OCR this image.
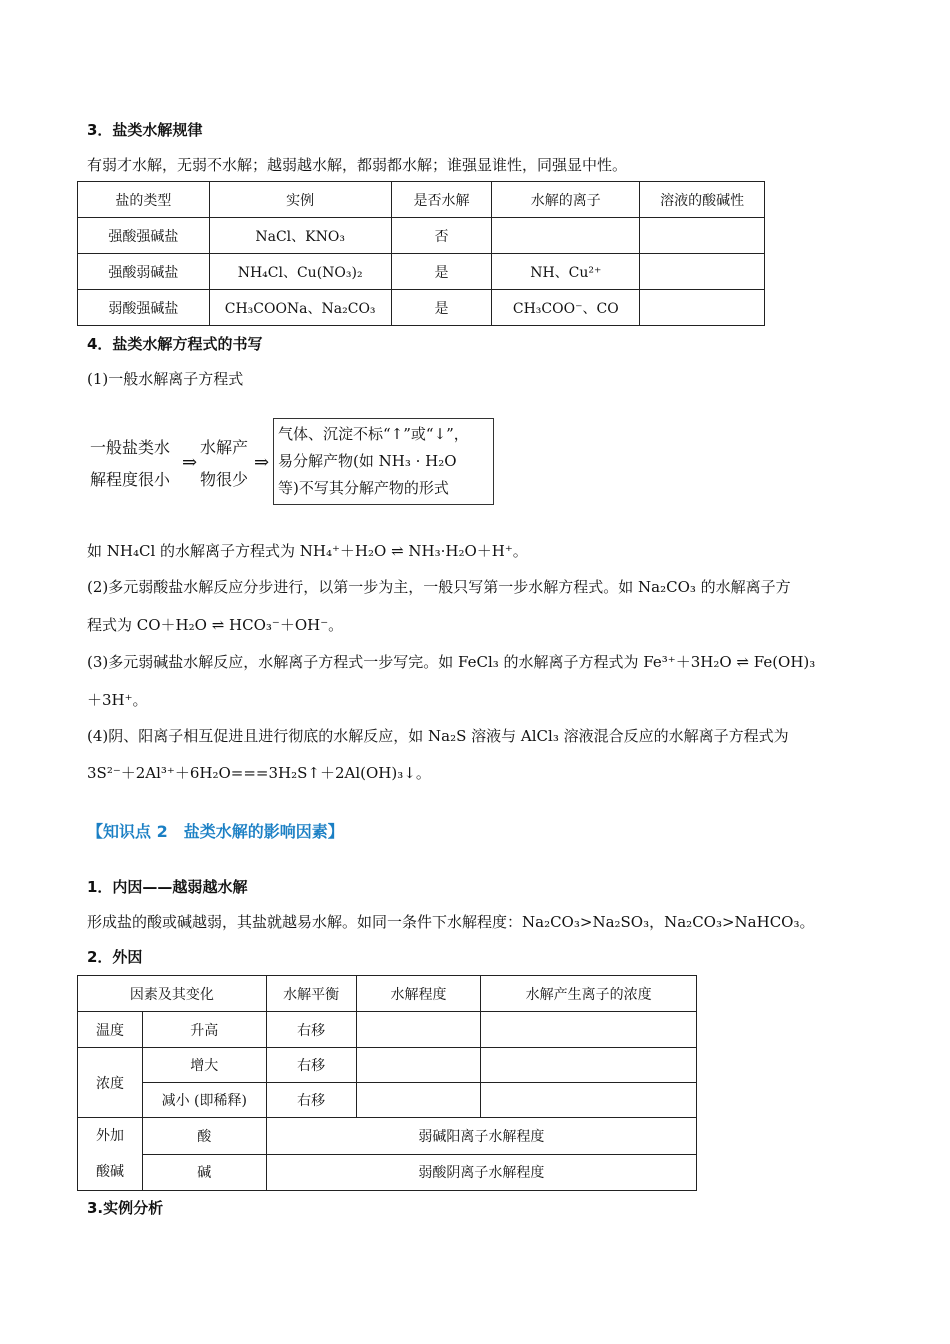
3．盐类水解规律
有弱才水解，无弱不水解；越弱越水解，都弱都水解；谁强显谁性，同强显中性。
盐的类型	实例	是否水解	水解的离子	溶液的酸碱性
强酸强碱盐	NaCl、KNO₃	否		
强酸弱碱盐	NH₄Cl、Cu(NO₃)₂	是	NH、Cu²⁺	
弱酸强碱盐	CH₃COONa、Na₂CO₃	是	CH₃COO⁻、CO	
4．盐类水解方程式的书写
(1)一般水解离子方程式
一般盐类水
解程度很小
⇒
水解产
物很少
⇒
气体、沉淀不标“↑”或“↓”，
易分解产物(如 NH₃ · H₂O
等)不写其分解产物的形式
如 NH₄Cl 的水解离子方程式为 NH₄⁺＋H₂O ⇌ NH₃·H₂O＋H⁺。
(2)多元弱酸盐水解反应分步进行，以第一步为主，一般只写第一步水解方程式。如 Na₂CO₃ 的水解离子方
程式为 CO＋H₂O ⇌ HCO₃⁻＋OH⁻。
(3)多元弱碱盐水解反应，水解离子方程式一步写完。如 FeCl₃ 的水解离子方程式为 Fe³⁺＋3H₂O ⇌ Fe(OH)₃
＋3H⁺。
(4)阴、阳离子相互促进且进行彻底的水解反应，如 Na₂S 溶液与 AlCl₃ 溶液混合反应的水解离子方程式为
3S²⁻＋2Al³⁺＋6H₂O===3H₂S↑＋2Al(OH)₃↓。
【知识点 2　盐类水解的影响因素】
1．内因——越弱越水解
形成盐的酸或碱越弱，其盐就越易水解。如同一条件下水解程度：Na₂CO₃>Na₂SO₃，Na₂CO₃>NaHCO₃。
2．外因
因素及其变化		水解平衡	水解程度	水解产生离子的浓度
温度	升高	右移		
浓度	增大	右移		
	减小 (即稀释)	右移		

外加
酸碱	酸	弱碱阳离子水解程度		
	碱	弱酸阴离子水解程度		
3.实例分析
